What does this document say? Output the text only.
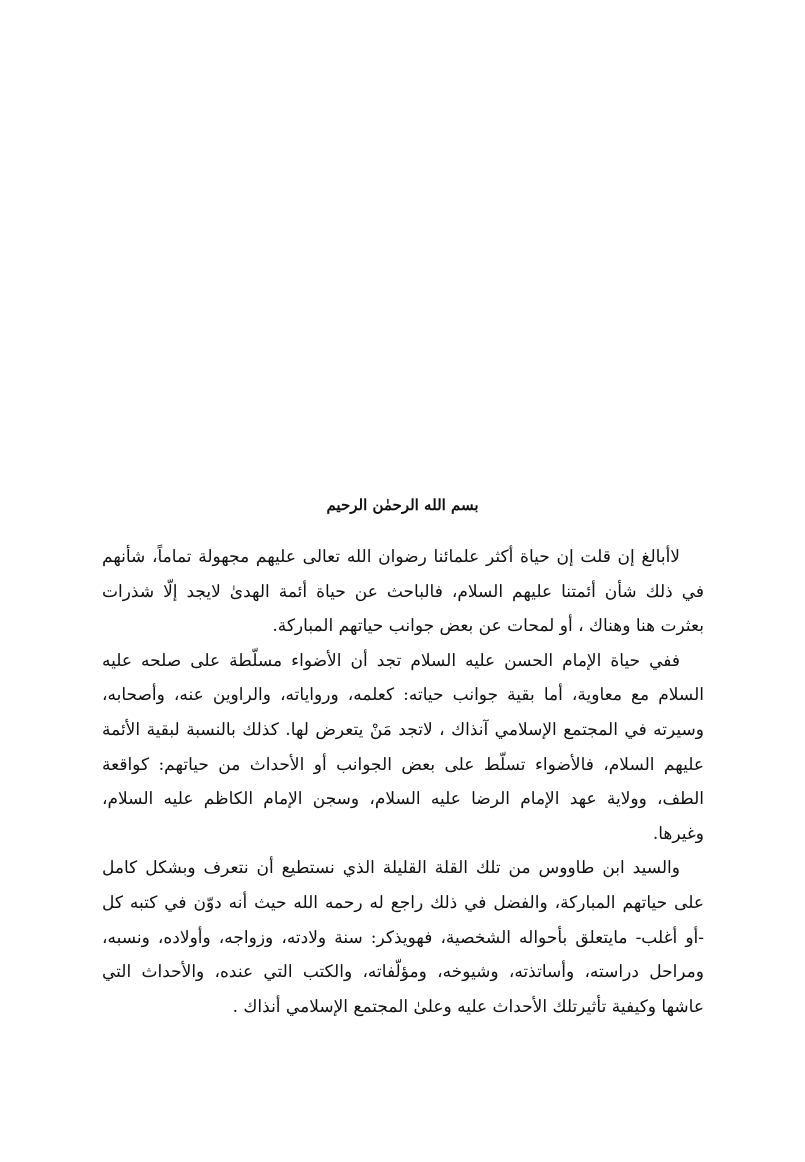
بسم الله الرحمٰن الرحيم

لاأبالغ إن قلت إن حياة أكثر علمائنا رضوان الله تعالى عليهم مجهولة تماماً، شأنهم في ذلك شأن أئمتنا عليهم السلام، فالباحث عن حياة أئمة الهدىٰ لايجد إلّا شذرات بعثرت هنا وهناك ، أو لمحات عن بعض جوانب حياتهم المباركة.

ففي حياة الإمام الحسن عليه السلام تجد أن الأضواء مسلّطة على صلحه عليه السلام مع معاوية، أما بقية جوانب حياته: كعلمه، ورواياته، والراوين عنه، وأصحابه، وسيرته في المجتمع الإسلامي آنذاك ، لاتجد مَنْ يتعرض لها. كذلك بالنسبة لبقية الأئمة عليهم السلام، فالأضواء تسلّط على بعض الجوانب أو الأحداث من حياتهم: كواقعة الطف، وولاية عهد الإمام الرضا عليه السلام، وسجن الإمام الكاظم عليه السلام، وغيرها.

والسيد ابن طاووس من تلك القلة القليلة الذي نستطيع أن نتعرف وبشكل كامل على حياتهم المباركة، والفضل في ذلك راجع له رحمه الله حيث أنه دوّن في كتبه كل -أو أغلب- مايتعلق بأحواله الشخصية، فهويذكر: سنة ولادته، وزواجه، وأولاده، ونسبه، ومراحل دراسته، وأساتذته، وشيوخه، ومؤلّفاته، والكتب التي عنده، والأحداث التي عاشها وكيفية تأثيرتلك الأحداث عليه وعلىٰ المجتمع الإسلامي أنذاك .
